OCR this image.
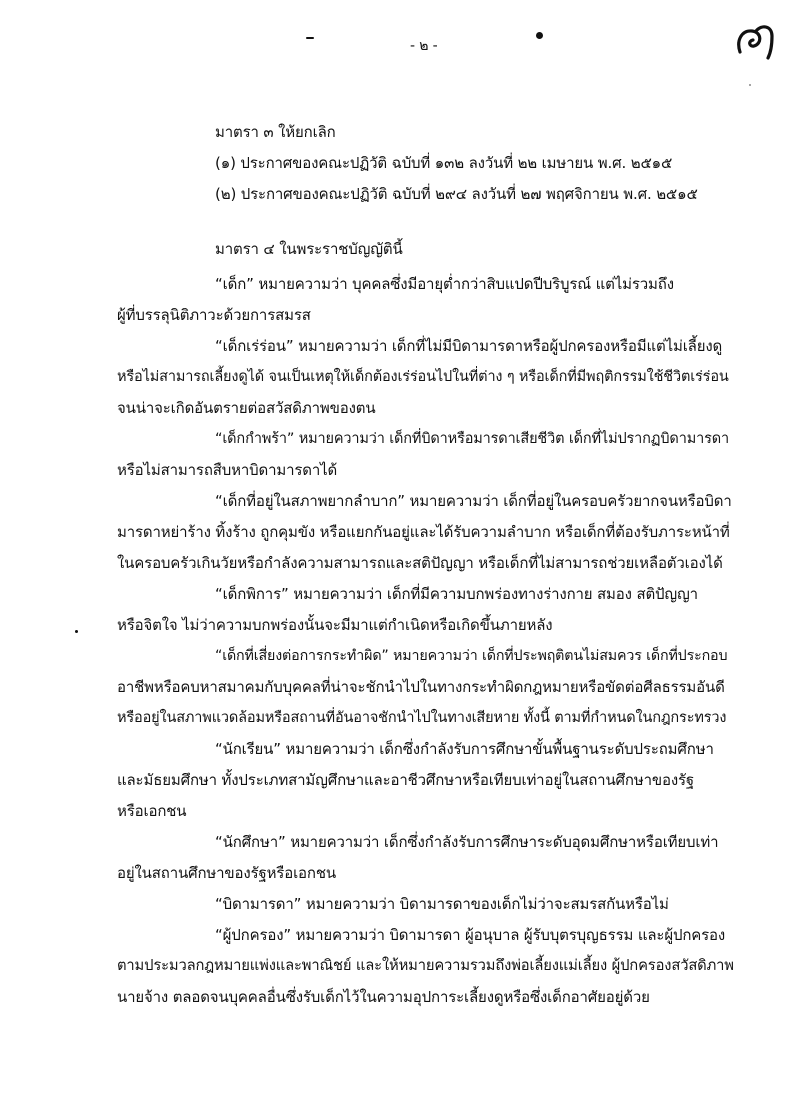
- ๒ -
มาตรา ๓ ให้ยกเลิก
(๑) ประกาศของคณะปฏิวัติ ฉบับที่ ๑๓๒ ลงวันที่ ๒๒ เมษายน พ.ศ. ๒๕๑๕
(๒) ประกาศของคณะปฏิวัติ ฉบับที่ ๒๙๔ ลงวันที่ ๒๗ พฤศจิกายน พ.ศ. ๒๕๑๕
มาตรา ๔ ในพระราชบัญญัตินี้
“เด็ก” หมายความว่า บุคคลซึ่งมีอายุต่ำกว่าสิบแปดปีบริบูรณ์ แต่ไม่รวมถึง
ผู้ที่บรรลุนิติภาวะด้วยการสมรส
“เด็กเร่ร่อน” หมายความว่า เด็กที่ไม่มีบิดามารดาหรือผู้ปกครองหรือมีแต่ไม่เลี้ยงดู
หรือไม่สามารถเลี้ยงดูได้ จนเป็นเหตุให้เด็กต้องเร่ร่อนไปในที่ต่าง ๆ หรือเด็กที่มีพฤติกรรมใช้ชีวิตเร่ร่อน
จนน่าจะเกิดอันตรายต่อสวัสดิภาพของตน
“เด็กกำพร้า” หมายความว่า เด็กที่บิดาหรือมารดาเสียชีวิต เด็กที่ไม่ปรากฏบิดามารดา
หรือไม่สามารถสืบหาบิดามารดาได้
“เด็กที่อยู่ในสภาพยากลำบาก” หมายความว่า เด็กที่อยู่ในครอบครัวยากจนหรือบิดา
มารดาหย่าร้าง ทิ้งร้าง ถูกคุมขัง หรือแยกกันอยู่และได้รับความลำบาก หรือเด็กที่ต้องรับภาระหน้าที่
ในครอบครัวเกินวัยหรือกำลังความสามารถและสติปัญญา หรือเด็กที่ไม่สามารถช่วยเหลือตัวเองได้
“เด็กพิการ” หมายความว่า เด็กที่มีความบกพร่องทางร่างกาย สมอง สติปัญญา
หรือจิตใจ ไม่ว่าความบกพร่องนั้นจะมีมาแต่กำเนิดหรือเกิดขึ้นภายหลัง
“เด็กที่เสี่ยงต่อการกระทำผิด” หมายความว่า เด็กที่ประพฤติตนไม่สมควร เด็กที่ประกอบ
อาชีพหรือคบหาสมาคมกับบุคคลที่น่าจะชักนำไปในทางกระทำผิดกฎหมายหรือขัดต่อศีลธรรมอันดี
หรืออยู่ในสภาพแวดล้อมหรือสถานที่อันอาจชักนำไปในทางเสียหาย ทั้งนี้ ตามที่กำหนดในกฎกระทรวง
“นักเรียน” หมายความว่า เด็กซึ่งกำลังรับการศึกษาขั้นพื้นฐานระดับประถมศึกษา
และมัธยมศึกษา ทั้งประเภทสามัญศึกษาและอาชีวศึกษาหรือเทียบเท่าอยู่ในสถานศึกษาของรัฐ
หรือเอกชน
“นักศึกษา” หมายความว่า เด็กซึ่งกำลังรับการศึกษาระดับอุดมศึกษาหรือเทียบเท่า
อยู่ในสถานศึกษาของรัฐหรือเอกชน
“บิดามารดา” หมายความว่า บิดามารดาของเด็กไม่ว่าจะสมรสกันหรือไม่
“ผู้ปกครอง” หมายความว่า บิดามารดา ผู้อนุบาล ผู้รับบุตรบุญธรรม และผู้ปกครอง
ตามประมวลกฎหมายแพ่งและพาณิชย์ และให้หมายความรวมถึงพ่อเลี้ยงแม่เลี้ยง ผู้ปกครองสวัสดิภาพ
นายจ้าง ตลอดจนบุคคลอื่นซึ่งรับเด็กไว้ในความอุปการะเลี้ยงดูหรือซึ่งเด็กอาศัยอยู่ด้วย
